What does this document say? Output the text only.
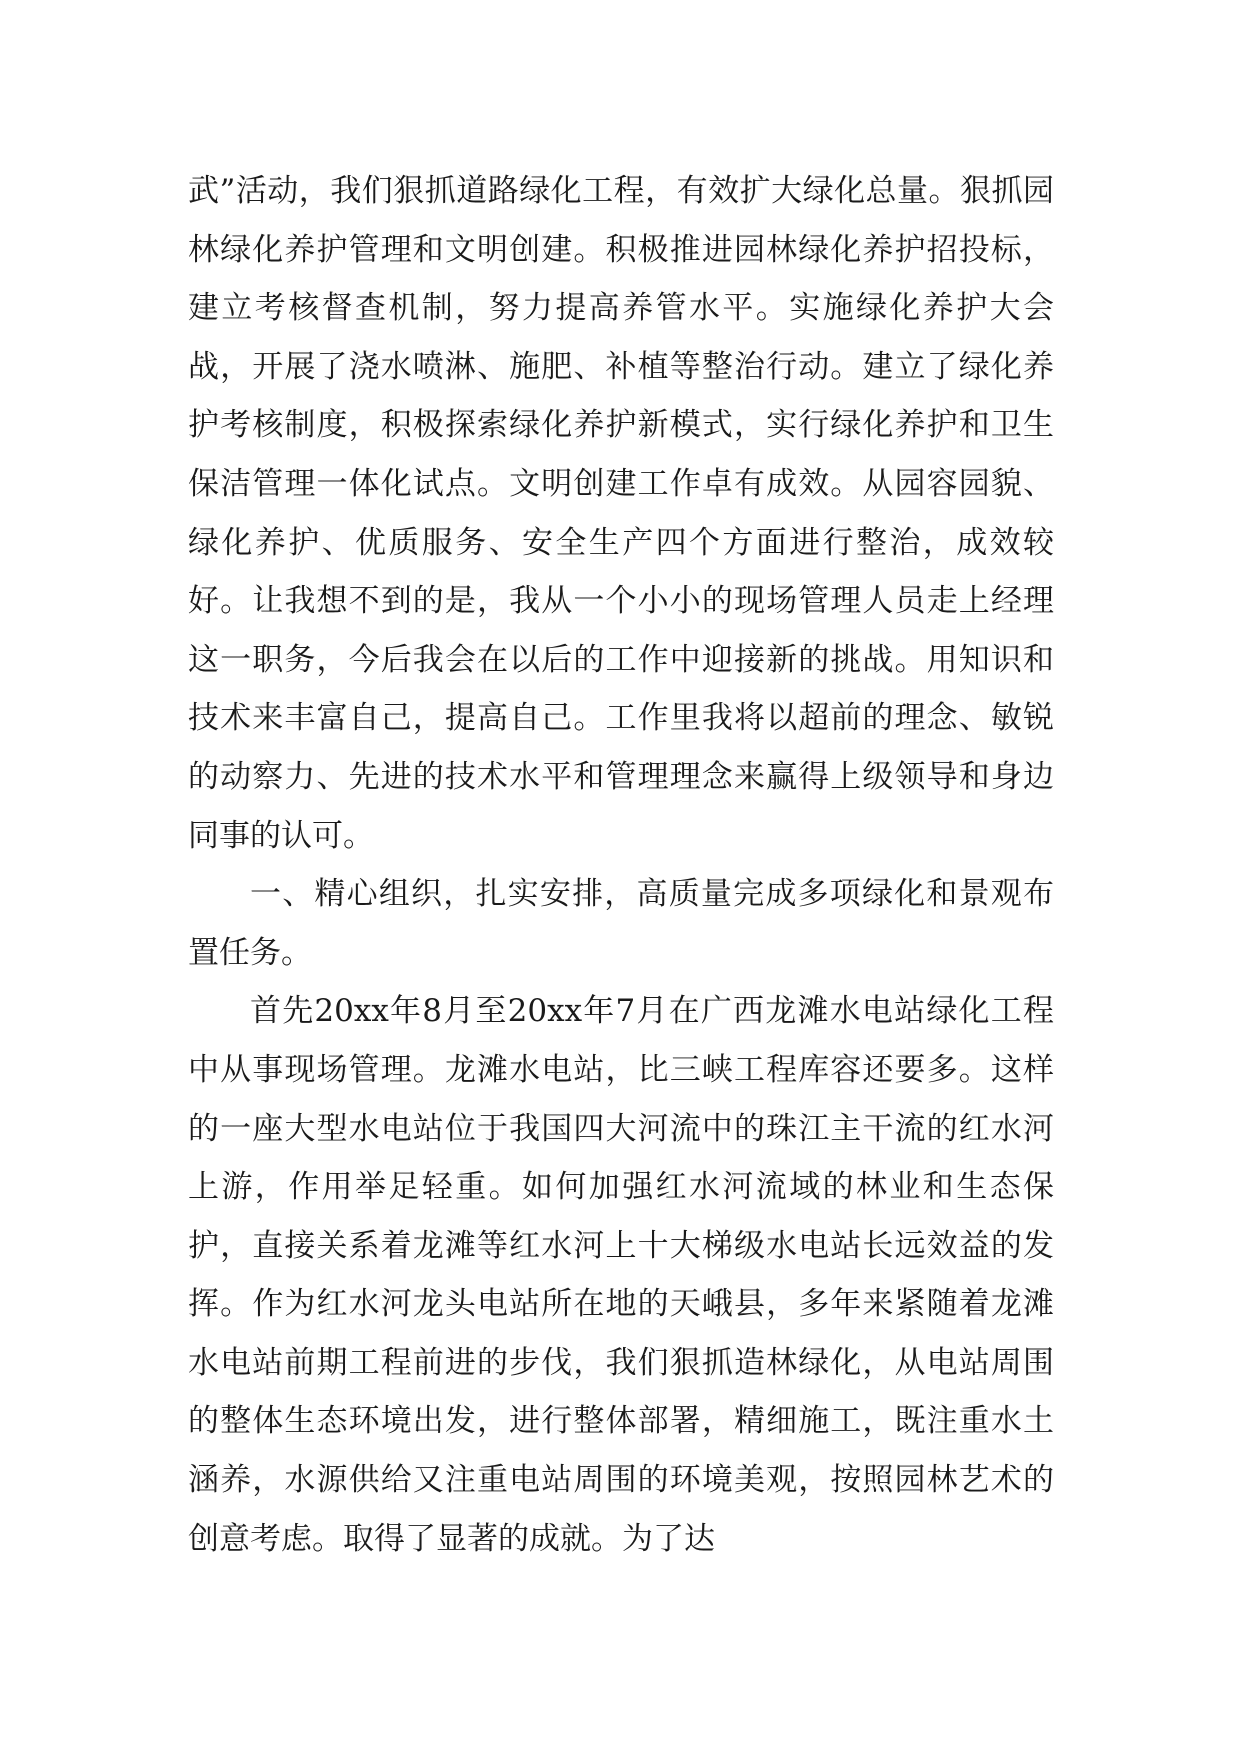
武”活动，我们狠抓道路绿化工程，有效扩大绿化总量。狠抓园林绿化养护管理和文明创建。积极推进园林绿化养护招投标，建立考核督查机制，努力提高养管水平。实施绿化养护大会战，开展了浇水喷淋、施肥、补植等整治行动。建立了绿化养护考核制度，积极探索绿化养护新模式，实行绿化养护和卫生保洁管理一体化试点。文明创建工作卓有成效。从园容园貌、绿化养护、优质服务、安全生产四个方面进行整治，成效较好。让我想不到的是，我从一个小小的现场管理人员走上经理这一职务，今后我会在以后的工作中迎接新的挑战。用知识和技术来丰富自己，提高自己。工作里我将以超前的理念、敏锐的动察力、先进的技术水平和管理理念来赢得上级领导和身边同事的认可。

一、精心组织，扎实安排，高质量完成多项绿化和景观布置任务。

首先20xx年8月至20xx年7月在广西龙滩水电站绿化工程中从事现场管理。龙滩水电站，比三峡工程库容还要多。这样的一座大型水电站位于我国四大河流中的珠江主干流的红水河上游，作用举足轻重。如何加强红水河流域的林业和生态保护，直接关系着龙滩等红水河上十大梯级水电站长远效益的发挥。作为红水河龙头电站所在地的天峨县，多年来紧随着龙滩水电站前期工程前进的步伐，我们狠抓造林绿化，从电站周围的整体生态环境出发，进行整体部署，精细施工，既注重水土涵养，水源供给又注重电站周围的环境美观，按照园林艺术的创意考虑。取得了显著的成就。为了达
